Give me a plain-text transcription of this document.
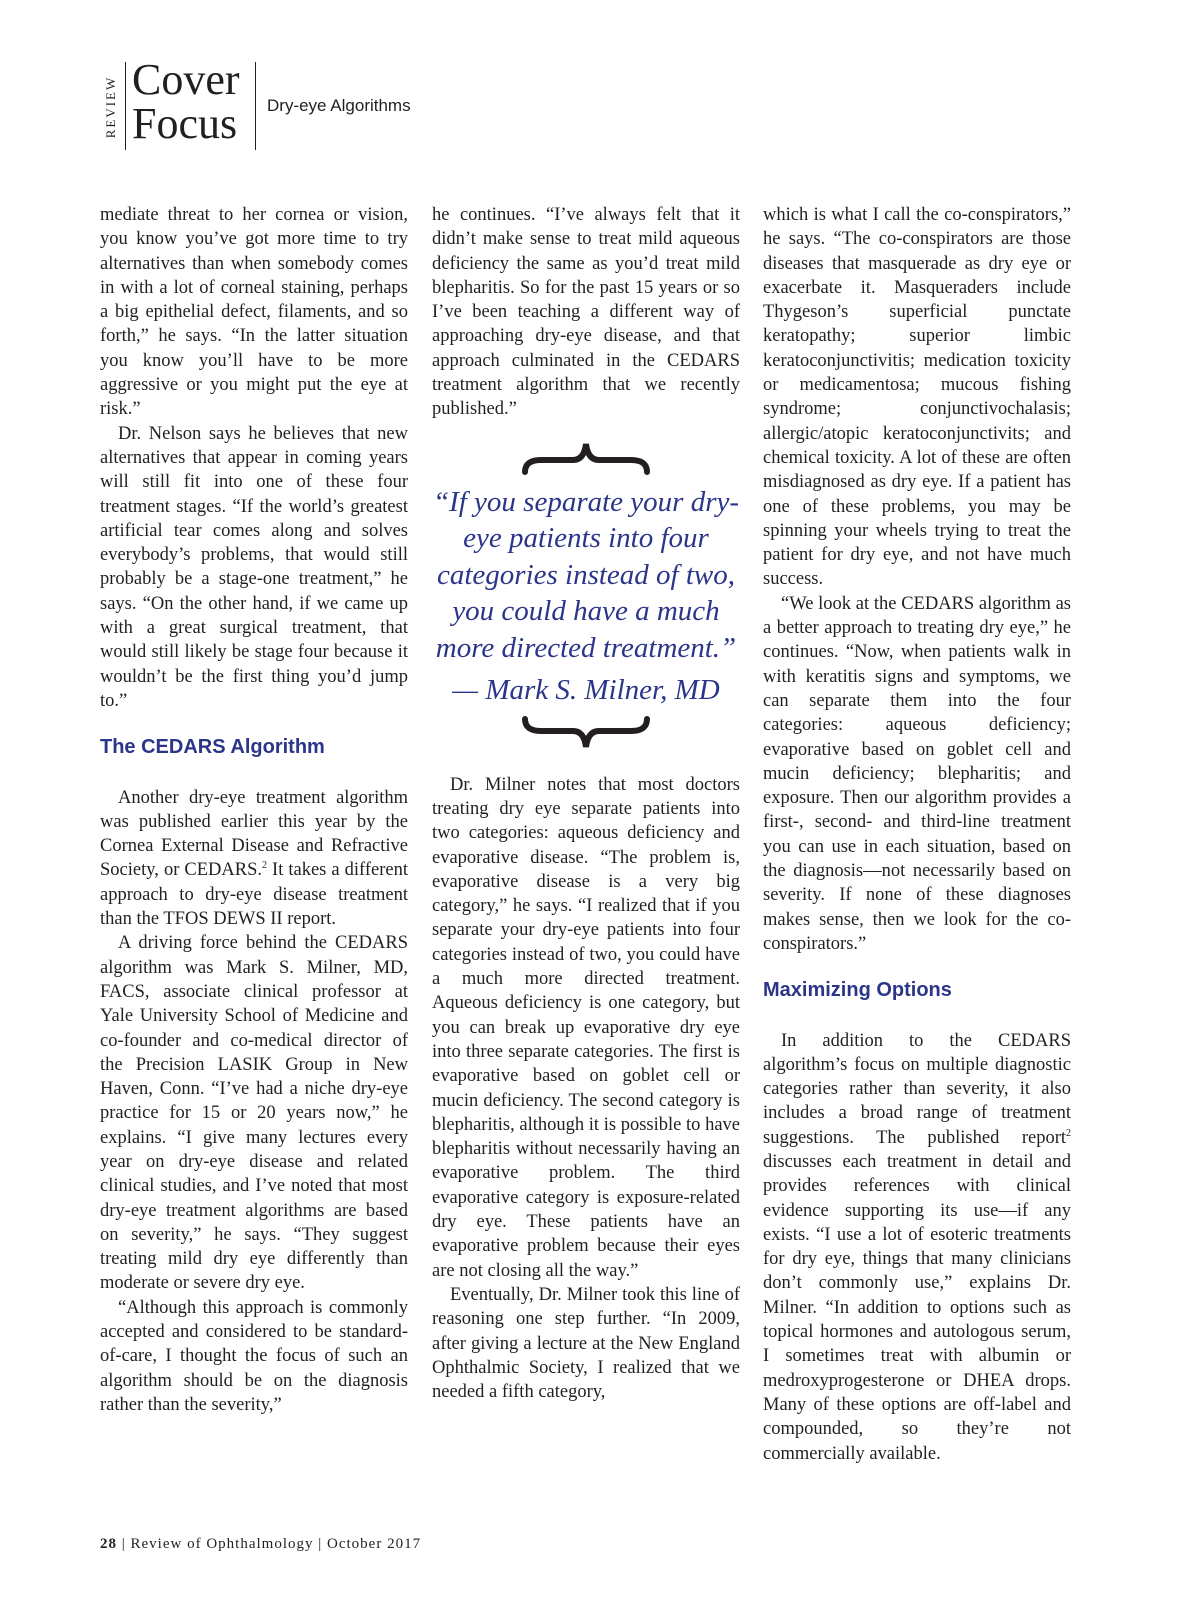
REVIEW Cover
Focus Dry-eye Algorithms

mediate threat to her cornea or vision, you know you’ve got more time to try alternatives than when somebody comes in with a lot of corneal staining, perhaps a big epithelial defect, filaments, and so forth,” he says. “In the latter situation you know you’ll have to be more aggressive or you might put the eye at risk.”

Dr. Nelson says he believes that new alternatives that appear in coming years will still fit into one of these four treatment stages. “If the world’s greatest artificial tear comes along and solves everybody’s problems, that would still probably be a stage-one treatment,” he says. “On the other hand, if we came up with a great surgical treatment, that would still likely be stage four because it wouldn’t be the first thing you’d jump to.”

The CEDARS Algorithm

Another dry-eye treatment algorithm was published earlier this year by the Cornea External Disease and Refractive Society, or CEDARS.$^2$ It takes a different approach to dry-eye disease treatment than the TFOS DEWS II report.

A driving force behind the CEDARS algorithm was Mark S. Milner, MD, FACS, associate clinical professor at Yale University School of Medicine and co-founder and co-medical director of the Precision LASIK Group in New Haven, Conn. “I’ve had a niche dry-eye practice for 15 or 20 years now,” he explains. “I give many lectures every year on dry-eye disease and related clinical studies, and I’ve noted that most dry-eye treatment algorithms are based on severity,” he says. “They suggest treating mild dry eye differently than moderate or severe dry eye.

“Although this approach is commonly accepted and considered to be standard-of-care, I thought the focus of such an algorithm should be on the diagnosis rather than the severity,”

he continues. “I’ve always felt that it didn’t make sense to treat mild aqueous deficiency the same as you’d treat mild blepharitis. So for the past 15 years or so I’ve been teaching a different way of approaching dry-eye disease, and that approach culminated in the CEDARS treatment algorithm that we recently published.”

“If you separate your dry-eye patients into four categories instead of two, you could have a much more directed treatment.”
— Mark S. Milner, MD

Dr. Milner notes that most doctors treating dry eye separate patients into two categories: aqueous deficiency and evaporative disease. “The problem is, evaporative disease is a very big category,” he says. “I realized that if you separate your dry-eye patients into four categories instead of two, you could have a much more directed treatment. Aqueous deficiency is one category, but you can break up evaporative dry eye into three separate categories. The first is evaporative based on goblet cell or mucin deficiency. The second category is blepharitis, although it is possible to have blepharitis without necessarily having an evaporative problem. The third evaporative category is exposure-related dry eye. These patients have an evaporative problem because their eyes are not closing all the way.”

Eventually, Dr. Milner took this line of reasoning one step further. “In 2009, after giving a lecture at the New England Ophthalmic Society, I realized that we needed a fifth category,

which is what I call the co-conspirators,” he says. “The co-conspirators are those diseases that masquerade as dry eye or exacerbate it. Masqueraders include Thygeson’s superficial punctate keratopathy; superior limbic keratoconjunctivitis; medication toxicity or medicamentosa; mucous fishing syndrome; conjunctivochalasis; allergic/atopic keratoconjunctivits; and chemical toxicity. A lot of these are often misdiagnosed as dry eye. If a patient has one of these problems, you may be spinning your wheels trying to treat the patient for dry eye, and not have much success.

“We look at the CEDARS algorithm as a better approach to treating dry eye,” he continues. “Now, when patients walk in with keratitis signs and symptoms, we can separate them into the four categories: aqueous deficiency; evaporative based on goblet cell and mucin deficiency; blepharitis; and exposure. Then our algorithm provides a first-, second- and third-line treatment you can use in each situation, based on the diagnosis—not necessarily based on severity. If none of these diagnoses makes sense, then we look for the co-conspirators.”

Maximizing Options

In addition to the CEDARS algorithm’s focus on multiple diagnostic categories rather than severity, it also includes a broad range of treatment suggestions. The published report$^2$ discusses each treatment in detail and provides references with clinical evidence supporting its use—if any exists. “I use a lot of esoteric treatments for dry eye, things that many clinicians don’t commonly use,” explains Dr. Milner. “In addition to options such as topical hormones and autologous serum, I sometimes treat with albumin or medroxyprogesterone or DHEA drops. Many of these options are off-label and compounded, so they’re not commercially available.

28 | Review of Ophthalmology | October 2017
